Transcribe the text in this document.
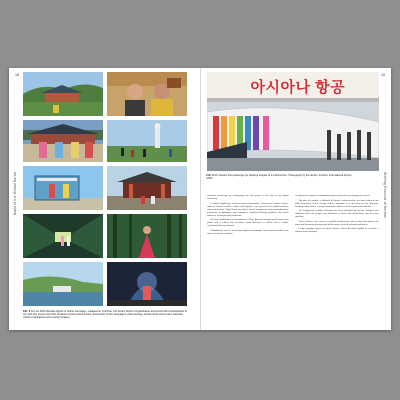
18
Malls of the Global Korea
FIG. 5 For the 2023 flea-like Nights of Visitor campaign, released on YouTube, the Korea Tourism Organization announced the Ambassadors of Joy with this scene and other locations across South Korea. Screenshot of the campaign's video footage, artistic shots and screen selection, visual combinations and moving imagery.
19
Shifting Grounds of Korean
아시아나 항공
FIG. 6 Air Korea's first passenger jet displays images of a cultural icon. Photograph by the author, Incheon International Airport, 2024.

economic landscape for redesigning the soft power in the arts of the global community.

In today's digital age, a Korean wave of popularity – from music, fashion, shows, media to content, studios, cuisine and beyond – has spread across global markets, travel and tourism. Digital forms of product and its heritage are now reconsidered as instruments of diplomacy and commerce, published through platforms that reach audiences far beyond the peninsula.

We did a global age of entertainment. Why? Because images travel faster than goods, and a culture that circulates online becomes a culture that is visited, consumed and remembered.

Globalization and its associated digital technologies have made possible new forms of cultural circulation.

far beyond the borders of traditional nation-states and the heritage of the past.

The idea of creative, a hallmark of Korea's cultural policy, has been linked to the global promotion of the country and its industries. It is the basis for the long-term branding of the nation, a project that treats culture as both export and invitation.

The heightened visibility of Hallyu has been attended by tourism, festivals and exhibitions that turn images into itineraries, screens into destinations and fans into travellers.

Visual culture in this sense is a global infrastructure, one in which the airport, the plane and the poster become part of the same circuit of meaning and desire.

In the everyday spaces of travel, Korean culture becomes legible as a brand, a promise and a memory.
